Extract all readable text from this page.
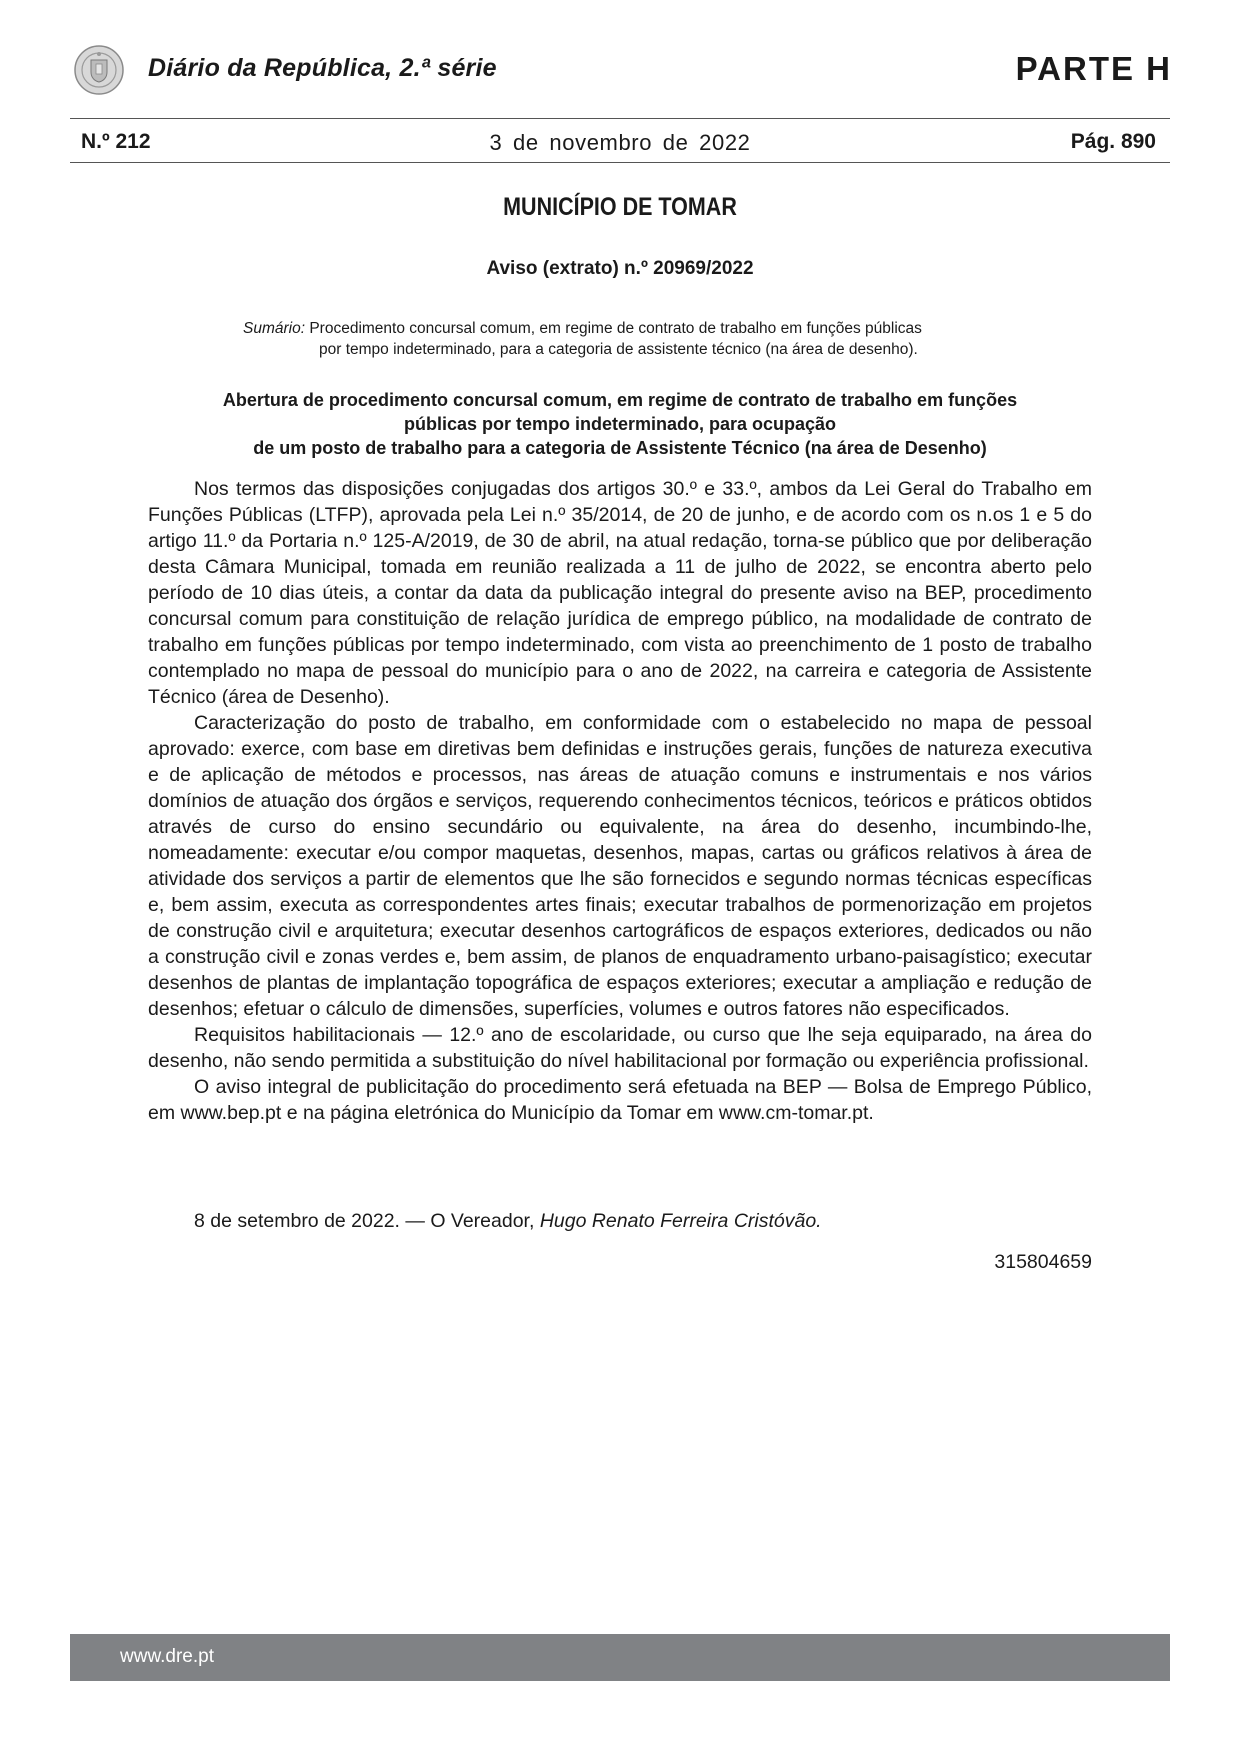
Diário da República, 2.ª série	PARTE H
N.º 212	3 de novembro de 2022	Pág. 890
MUNICÍPIO DE TOMAR
Aviso (extrato) n.º 20969/2022
Sumário: Procedimento concursal comum, em regime de contrato de trabalho em funções públicas
por tempo indeterminado, para a categoria de assistente técnico (na área de desenho).
Abertura de procedimento concursal comum, em regime de contrato de trabalho em funções
públicas por tempo indeterminado, para ocupação
de um posto de trabalho para a categoria de Assistente Técnico (na área de Desenho)

Nos termos das disposições conjugadas dos artigos 30.º e 33.º, ambos da Lei Geral do Trabalho em Funções Públicas (LTFP), aprovada pela Lei n.º 35/2014, de 20 de junho, e de acordo com os n.os 1 e 5 do artigo 11.º da Portaria n.º 125-A/2019, de 30 de abril, na atual redação, torna-se público que por deliberação desta Câmara Municipal, tomada em reunião realizada a 11 de julho de 2022, se encontra aberto pelo período de 10 dias úteis, a contar da data da publicação integral do presente aviso na BEP, procedimento concursal comum para constituição de relação jurídica de emprego público, na modalidade de contrato de trabalho em funções públicas por tempo indeterminado, com vista ao preenchimento de 1 posto de trabalho contemplado no mapa de pessoal do município para o ano de 2022, na carreira e categoria de Assistente Técnico (área de Desenho).

Caracterização do posto de trabalho, em conformidade com o estabelecido no mapa de pessoal aprovado: exerce, com base em diretivas bem definidas e instruções gerais, funções de natureza executiva e de aplicação de métodos e processos, nas áreas de atuação comuns e instrumentais e nos vários domínios de atuação dos órgãos e serviços, requerendo conhecimentos técnicos, teóricos e práticos obtidos através de curso do ensino secundário ou equivalente, na área do desenho, incumbindo-lhe, nomeadamente: executar e/ou compor maquetas, desenhos, mapas, cartas ou gráficos relativos à área de atividade dos serviços a partir de elementos que lhe são fornecidos e segundo normas técnicas específicas e, bem assim, executa as correspondentes artes finais; executar trabalhos de pormenorização em projetos de construção civil e arquitetura; executar desenhos cartográficos de espaços exteriores, dedicados ou não a construção civil e zonas verdes e, bem assim, de planos de enquadramento urbano-paisagístico; executar desenhos de plantas de implantação topográfica de espaços exteriores; executar a ampliação e redução de desenhos; efetuar o cálculo de dimensões, superfícies, volumes e outros fatores não especificados.

Requisitos habilitacionais — 12.º ano de escolaridade, ou curso que lhe seja equiparado, na área do desenho, não sendo permitida a substituição do nível habilitacional por formação ou experiência profissional.

O aviso integral de publicitação do procedimento será efetuada na BEP — Bolsa de Emprego Público, em www.bep.pt e na página eletrónica do Município da Tomar em www.cm-tomar.pt.

8 de setembro de 2022. — O Vereador, Hugo Renato Ferreira Cristóvão.
315804659
www.dre.pt
